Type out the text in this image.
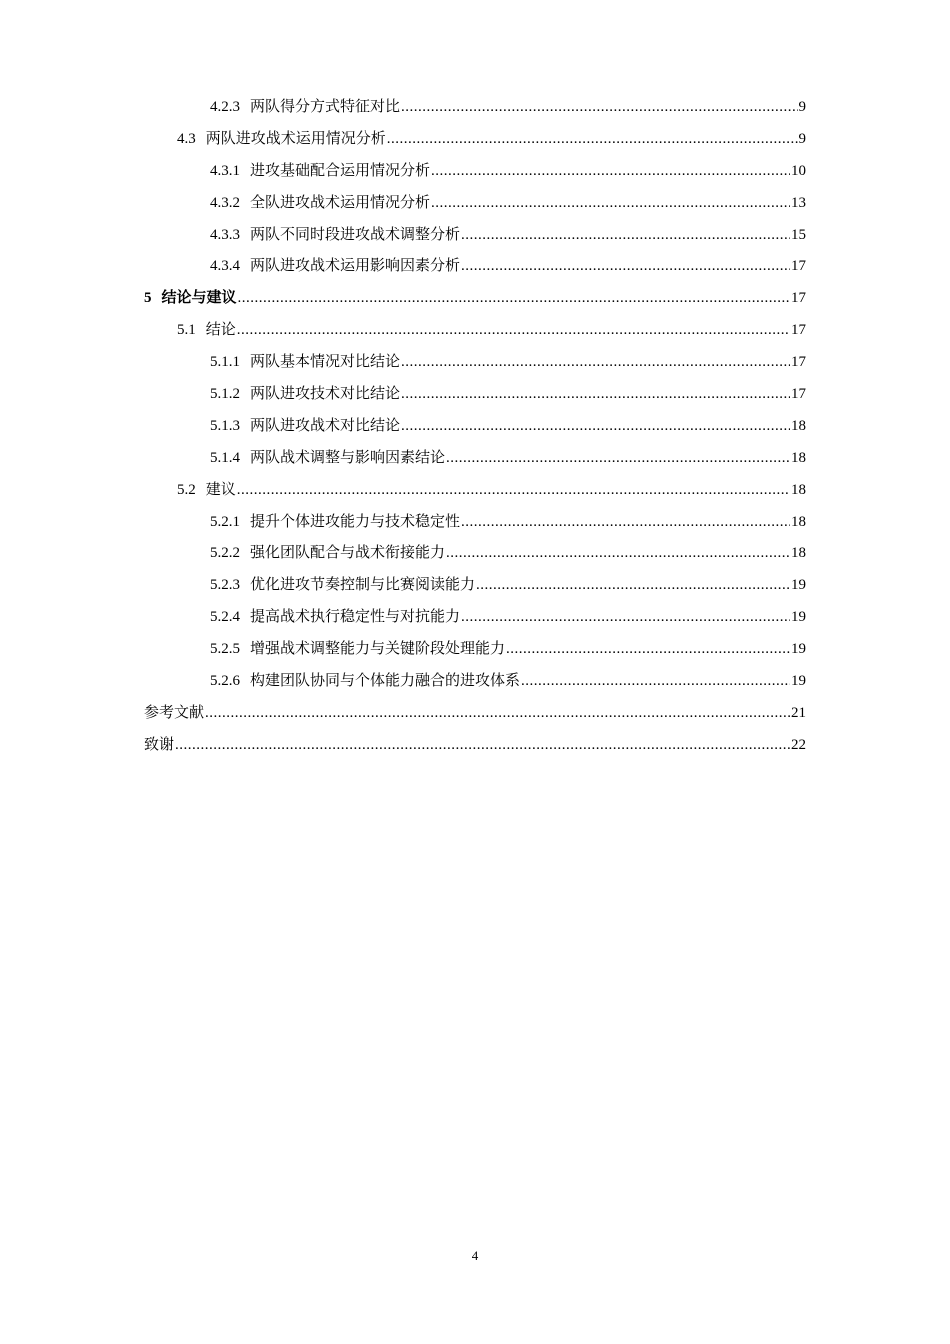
4.2.3 两队得分方式特征对比 .....	9
4.3 两队进攻战术运用情况分析 .....	9
4.3.1 进攻基础配合运用情况分析 .....	10
4.3.2 全队进攻战术运用情况分析 .....	13
4.3.3 两队不同时段进攻战术调整分析 .....	15
4.3.4 两队进攻战术运用影响因素分析 .....	17
5 结论与建议 .....	17
5.1 结论 .....	17
5.1.1 两队基本情况对比结论 .....	17
5.1.2 两队进攻技术对比结论 .....	17
5.1.3 两队进攻战术对比结论 .....	18
5.1.4 两队战术调整与影响因素结论 .....	18
5.2 建议 .....	18
5.2.1 提升个体进攻能力与技术稳定性 .....	18
5.2.2 强化团队配合与战术衔接能力 .....	18
5.2.3 优化进攻节奏控制与比赛阅读能力 .....	19
5.2.4 提高战术执行稳定性与对抗能力 .....	19
5.2.5 增强战术调整能力与关键阶段处理能力 .....	19
5.2.6 构建团队协同与个体能力融合的进攻体系 .....	19
参考文献 .....	21
致谢 .....	22
4
